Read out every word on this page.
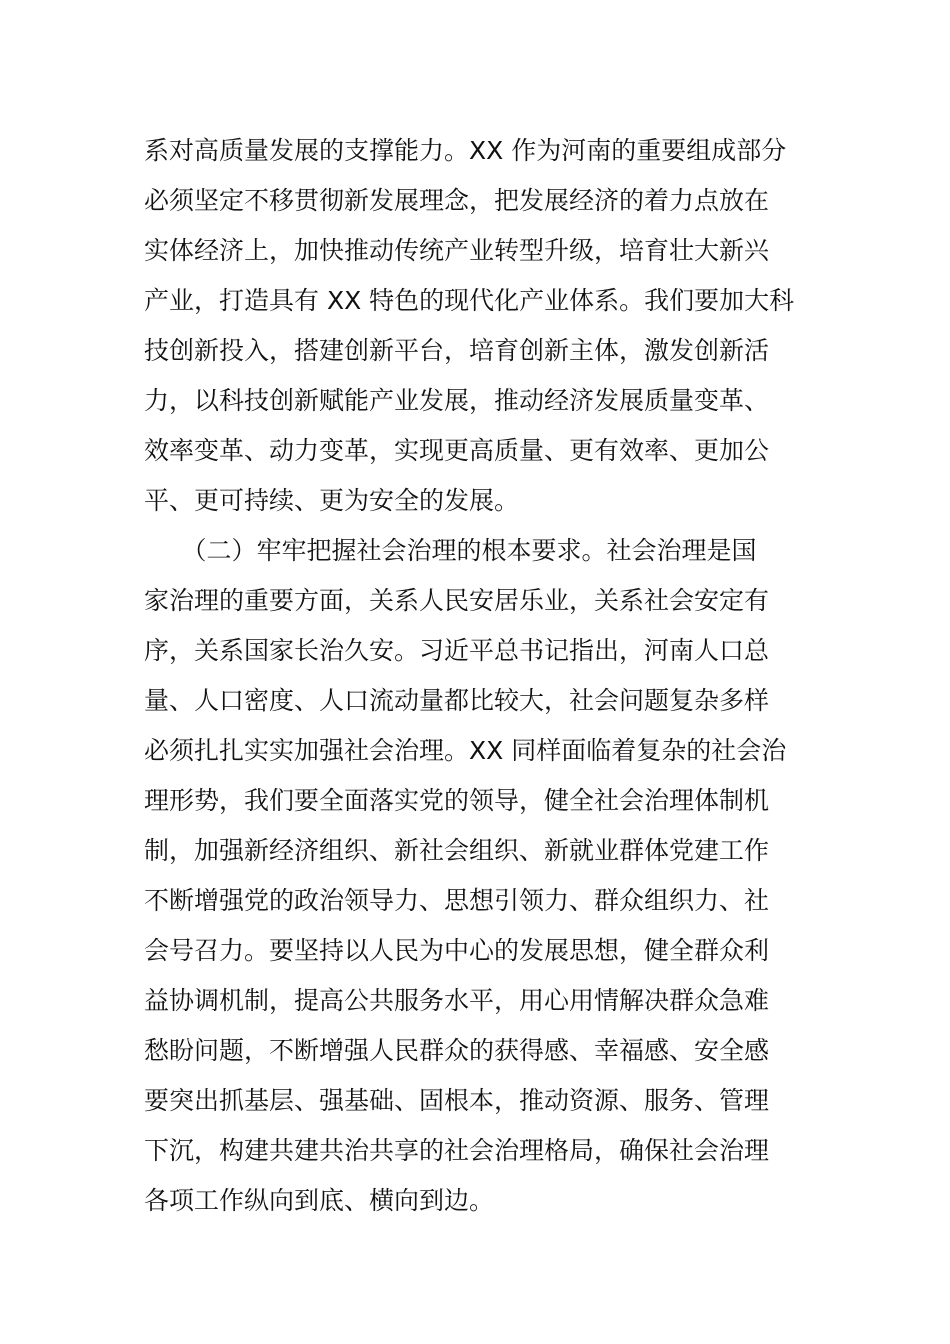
系对高质量发展的支撑能力。XX 作为河南的重要组成部分
必须坚定不移贯彻新发展理念，把发展经济的着力点放在
实体经济上，加快推动传统产业转型升级，培育壮大新兴
产业，打造具有 XX 特色的现代化产业体系。我们要加大科
技创新投入，搭建创新平台，培育创新主体，激发创新活
力，以科技创新赋能产业发展，推动经济发展质量变革、
效率变革、动力变革，实现更高质量、更有效率、更加公
平、更可持续、更为安全的发展。
　　（二）牢牢把握社会治理的根本要求。社会治理是国
家治理的重要方面，关系人民安居乐业，关系社会安定有
序，关系国家长治久安。习近平总书记指出，河南人口总
量、人口密度、人口流动量都比较大，社会问题复杂多样
必须扎扎实实加强社会治理。XX 同样面临着复杂的社会治
理形势，我们要全面落实党的领导，健全社会治理体制机
制，加强新经济组织、新社会组织、新就业群体党建工作
不断增强党的政治领导力、思想引领力、群众组织力、社
会号召力。要坚持以人民为中心的发展思想，健全群众利
益协调机制，提高公共服务水平，用心用情解决群众急难
愁盼问题，不断增强人民群众的获得感、幸福感、安全感
要突出抓基层、强基础、固根本，推动资源、服务、管理
下沉，构建共建共治共享的社会治理格局，确保社会治理
各项工作纵向到底、横向到边。
